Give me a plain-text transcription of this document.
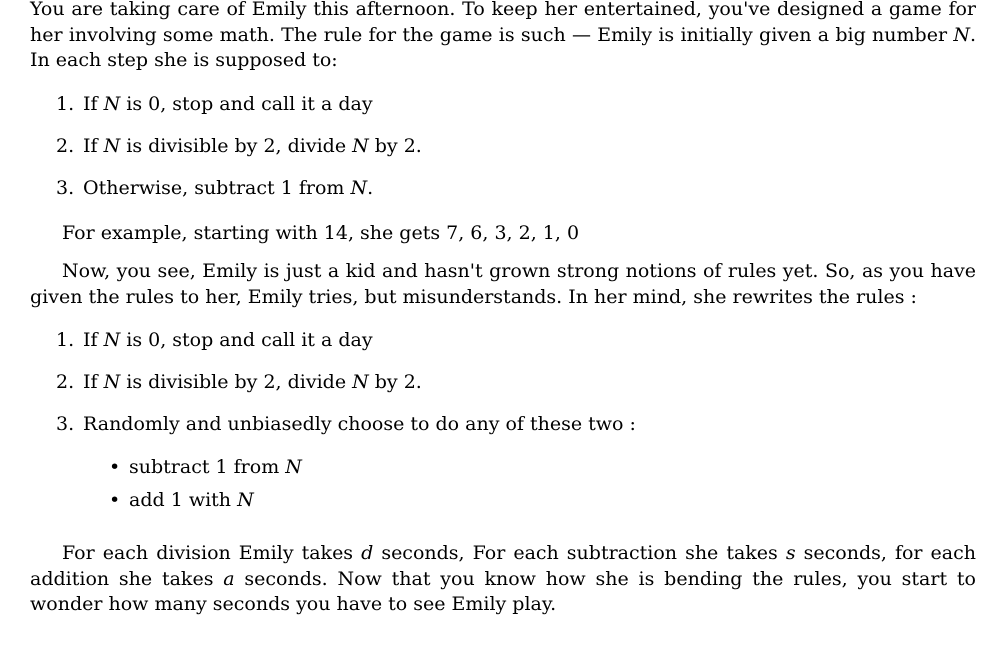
You are taking care of Emily this afternoon. To keep her entertained, you've designed a game for her involving some math. The rule for the game is such — Emily is initially given a big number N. In each step she is supposed to:

1. If N is 0, stop and call it a day
2. If N is divisible by 2, divide N by 2.
3. Otherwise, subtract 1 from N.

For example, starting with 14, she gets 7, 6, 3, 2, 1, 0

Now, you see, Emily is just a kid and hasn't grown strong notions of rules yet. So, as you have given the rules to her, Emily tries, but misunderstands. In her mind, she rewrites the rules :

1. If N is 0, stop and call it a day
2. If N is divisible by 2, divide N by 2.
3. Randomly and unbiasedly choose to do any of these two :
• subtract 1 from N
• add 1 with N

For each division Emily takes d seconds, For each subtraction she takes s seconds, for each addition she takes a seconds. Now that you know how she is bending the rules, you start to wonder how many seconds you have to see Emily play.
